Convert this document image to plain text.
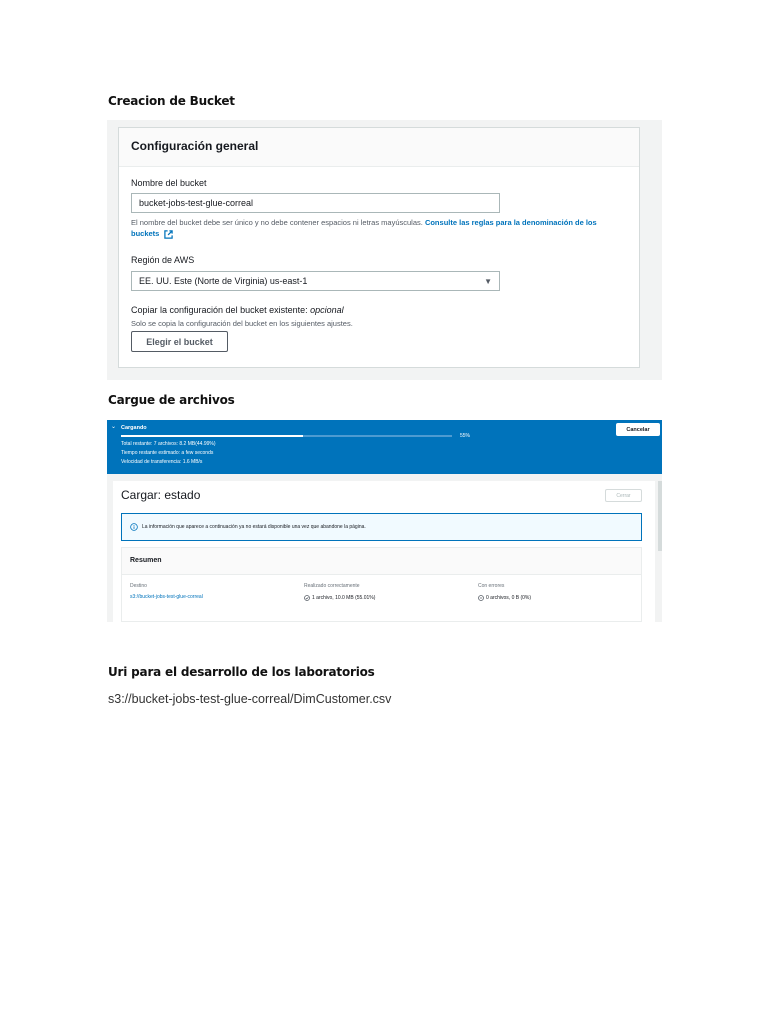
Creacion de Bucket
Configuración general
Nombre del bucket
bucket-jobs-test-glue-correal
El nombre del bucket debe ser único y no debe contener espacios ni letras mayúsculas. Consulte las reglas para la denominación de los buckets
Región de AWS
EE. UU. Este (Norte de Virginia) us-east-1	▼
Copiar la configuración del bucket existente: opcional
Solo se copia la configuración del bucket en los siguientes ajustes.
Elegir el bucket
Cargue de archivos
⌄ Cargando
55%
Total restante: 7 archivos: 8.2 MB(44.99%)
Tiempo restante estimado: a few seconds
Velocidad de transferencia: 1.6 MB/s
Cancelar
Cargar: estado	Cerrar
La información que aparece a continuación ya no estará disponible una vez que abandone la página.
Resumen
Destino
s3://bucket-jobs-test-glue-correal
Realizado correctamente
1 archivo, 10.0 MB (55.01%)
Con errores
0 archivos, 0 B (0%)
Uri para el desarrollo de los laboratorios
s3://bucket-jobs-test-glue-correal/DimCustomer.csv
